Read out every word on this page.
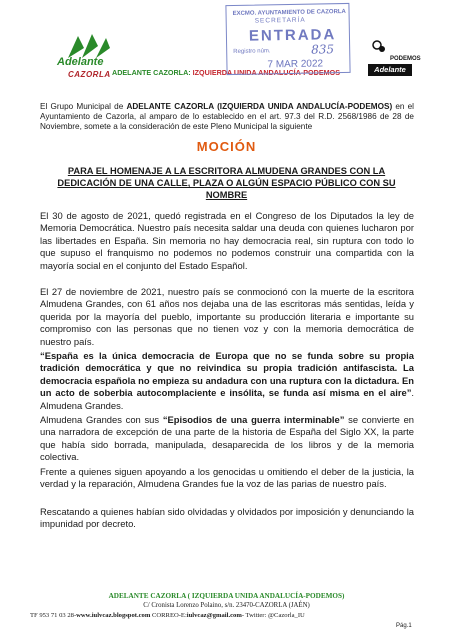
Adelante
CAZORLA ADELANTE CAZORLA: IZQUIERDA UNIDA ANDALUCÍA-PODEMOS
EXCMO. AYUNTAMIENTO DE CAZORLA
SECRETARÍA
ENTRADA
Registro núm.	835
7 MAR 2022	PODEMOS
Adelante
El Grupo Municipal de ADELANTE CAZORLA (IZQUIERDA UNIDA ANDALUCÍA-PODEMOS) en el Ayuntamiento de Cazorla, al amparo de lo establecido en el art. 97.3 del R.D. 2568/1986 de 28 de Noviembre, somete a la consideración de este Pleno Municipal la siguiente
MOCIÓN
PARA EL HOMENAJE A LA ESCRITORA ALMUDENA GRANDES CON LA DEDICACIÓN DE UNA CALLE, PLAZA O ALGÚN ESPACIO PÚBLICO CON SU NOMBRE
El 30 de agosto de 2021, quedó registrada en el Congreso de los Diputados la ley de Memoria Democrática. Nuestro país necesita saldar una deuda con quienes lucharon por las libertades en España. Sin memoria no hay democracia real, sin ruptura con todo lo que supuso el franquismo no podemos no podemos construir una compartida con la mayoría social en el conjunto del Estado Español.
El 27 de noviembre de 2021, nuestro país se conmocionó con la muerte de la escritora Almudena Grandes, con 61 años nos dejaba una de las escritoras más sentidas, leída y querida por la mayoría del pueblo, importante su producción literaria e importante su compromiso con las personas que no tienen voz y con la memoria democrática de nuestro país.
“España es la única democracia de Europa que no se funda sobre su propia tradición democrática y que no reivindica su propia tradición antifascista. La democracia española no empieza su andadura con una ruptura con la dictadura. En un acto de soberbia autocomplaciente e insólita, se funda así misma en el aire”. Almudena Grandes.
Almudena Grandes con sus “Episodios de una guerra interminable” se convierte en una narradora de excepción de una parte de la historia de España del Siglo XX, la parte que había sido borrada, manipulada, desaparecida de los libros y de la memoria colectiva.
Frente a quienes siguen apoyando a los genocidas u omitiendo el deber de la justicia, la verdad y la reparación, Almudena Grandes fue la voz de las parias de nuestro país.
Rescatando a quienes habían sido olvidadas y olvidados por imposición y denunciando la impunidad por decreto.
ADELANTE CAZORLA ( IZQUIERDA UNIDA ANDALUCÍA-PODEMOS)
C/ Cronista Lorenzo Polaino, s/n. 23470-CAZORLA (JAÉN)
TF 953 71 03 28-www.iulvcaz.blogspot.com CORREO-E:iulvcaz@gmail.com- Twitter: @Cazorla_IU
Pág.1
